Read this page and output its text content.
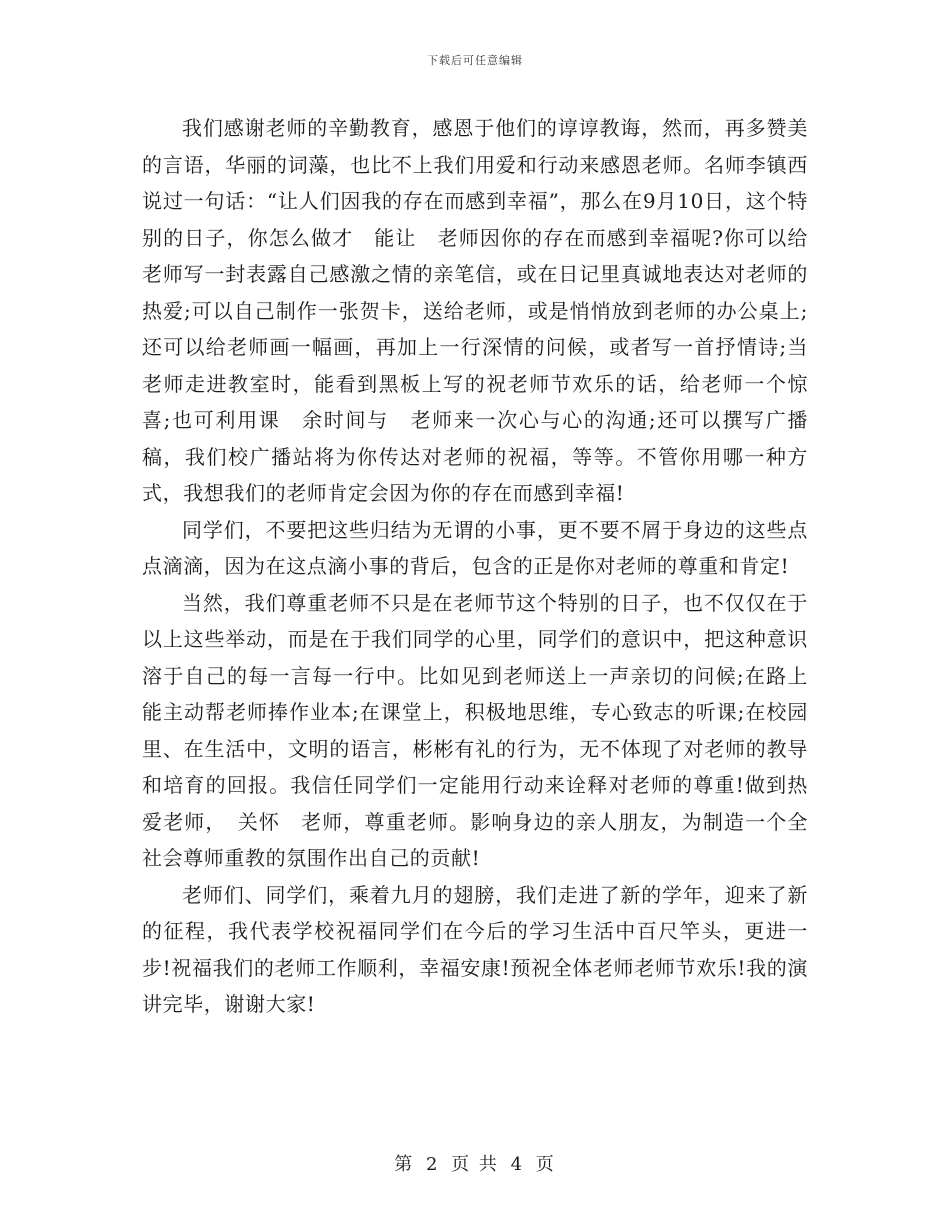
下载后可任意编辑

我们感谢老师的辛勤教育，感恩于他们的谆谆教诲，然而，再多赞美的言语，华丽的词藻，也比不上我们用爱和行动来感恩老师。名师李镇西说过一句话：“让人们因我的存在而感到幸福”，那么在9月10日，这个特别的日子，你怎么做才　能让　老师因你的存在而感到幸福呢?你可以给老师写一封表露自己感激之情的亲笔信，或在日记里真诚地表达对老师的热爱;可以自己制作一张贺卡，送给老师，或是悄悄放到老师的办公桌上;还可以给老师画一幅画，再加上一行深情的问候，或者写一首抒情诗;当老师走进教室时，能看到黑板上写的祝老师节欢乐的话，给老师一个惊喜;也可利用课　余时间与　老师来一次心与心的沟通;还可以撰写广播稿，我们校广播站将为你传达对老师的祝福，等等。不管你用哪一种方式，我想我们的老师肯定会因为你的存在而感到幸福!

同学们，不要把这些归结为无谓的小事，更不要不屑于身边的这些点点滴滴，因为在这点滴小事的背后，包含的正是你对老师的尊重和肯定!

当然，我们尊重老师不只是在老师节这个特别的日子，也不仅仅在于以上这些举动，而是在于我们同学的心里，同学们的意识中，把这种意识溶于自己的每一言每一行中。比如见到老师送上一声亲切的问候;在路上能主动帮老师捧作业本;在课堂上，积极地思维，专心致志的听课;在校园里、在生活中，文明的语言，彬彬有礼的行为，无不体现了对老师的教导和培育的回报。我信任同学们一定能用行动来诠释对老师的尊重!做到热爱老师，　关怀　老师，尊重老师。影响身边的亲人朋友，为制造一个全社会尊师重教的氛围作出自己的贡献!

老师们、同学们，乘着九月的翅膀，我们走进了新的学年，迎来了新的征程，我代表学校祝福同学们在今后的学习生活中百尺竿头，更进一步!祝福我们的老师工作顺利，幸福安康!预祝全体老师老师节欢乐!我的演讲完毕，谢谢大家!

第 2 页 共 4 页
